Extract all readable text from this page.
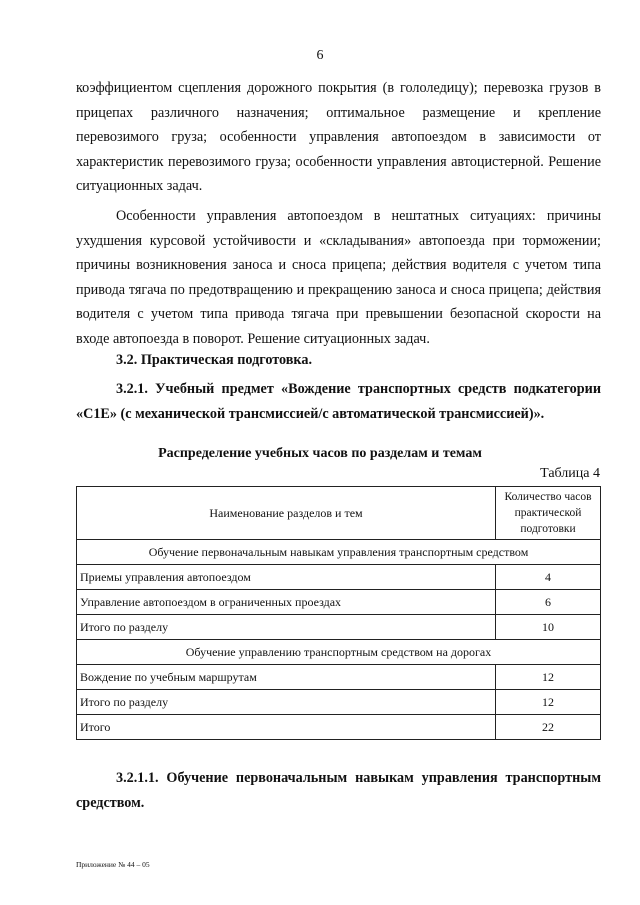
6
коэффициентом сцепления дорожного покрытия (в гололедицу); перевозка грузов в прицепах различного назначения; оптимальное размещение и крепление перевозимого груза; особенности управления автопоездом в зависимости от характеристик перевозимого груза; особенности управления автоцистерной. Решение ситуационных задач.
Особенности управления автопоездом в нештатных ситуациях: причины ухудшения курсовой устойчивости и «складывания» автопоезда при торможении; причины возникновения заноса и сноса прицепа; действия водителя с учетом типа привода тягача по предотвращению и прекращению заноса и сноса прицепа; действия водителя с учетом типа привода тягача при превышении безопасной скорости на входе автопоезда в поворот. Решение ситуационных задач.
3.2. Практическая подготовка.
3.2.1. Учебный предмет «Вождение транспортных средств подкатегории «C1E» (с механической трансмиссией/с автоматической трансмиссией)».
Распределение учебных часов по разделам и темам
Таблица 4
Наименование разделов и тем	Количество часов практической подготовки
Обучение первоначальным навыкам управления транспортным средством	
Приемы управления автопоездом	4
Управление автопоездом в ограниченных проездах	6
Итого по разделу	10
Обучение управлению транспортным средством на дорогах	
Вождение по учебным маршрутам	12
Итого по разделу	12
Итого	22
3.2.1.1. Обучение первоначальным навыкам управления транспортным средством.
Приложение № 44 – 05
